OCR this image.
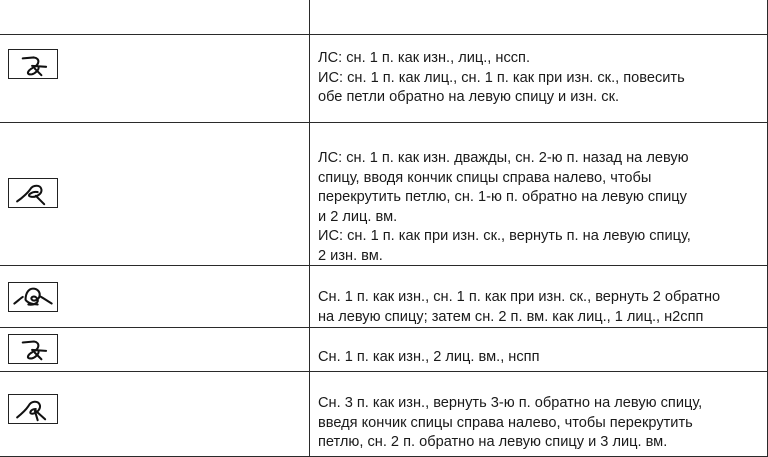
ЛС: сн. 1 п. как изн., лиц., нссп.
ИС: сн. 1 п. как лиц., сн. 1 п. как при изн. ск., повесить
обе петли обратно на левую спицу и изн. ск.
ЛС: сн. 1 п. как изн. дважды, сн. 2-ю п. назад на левую
спицу, вводя кончик спицы справа налево, чтобы
перекрутить петлю, сн. 1-ю п. обратно на левую спицу
и 2 лиц. вм.
ИС: сн. 1 п. как при изн. ск., вернуть п. на левую спицу,
2 изн. вм.
Сн. 1 п. как изн., сн. 1 п. как при изн. ск., вернуть 2 обратно
на левую спицу; затем сн. 2 п. вм. как лиц., 1 лиц., н2спп
Сн. 1 п. как изн., 2 лиц. вм., нспп
Сн. 3 п. как изн., вернуть 3-ю п. обратно на левую спицу,
введя кончик спицы справа налево, чтобы перекрутить
петлю, сн. 2 п. обратно на левую спицу и 3 лиц. вм.
